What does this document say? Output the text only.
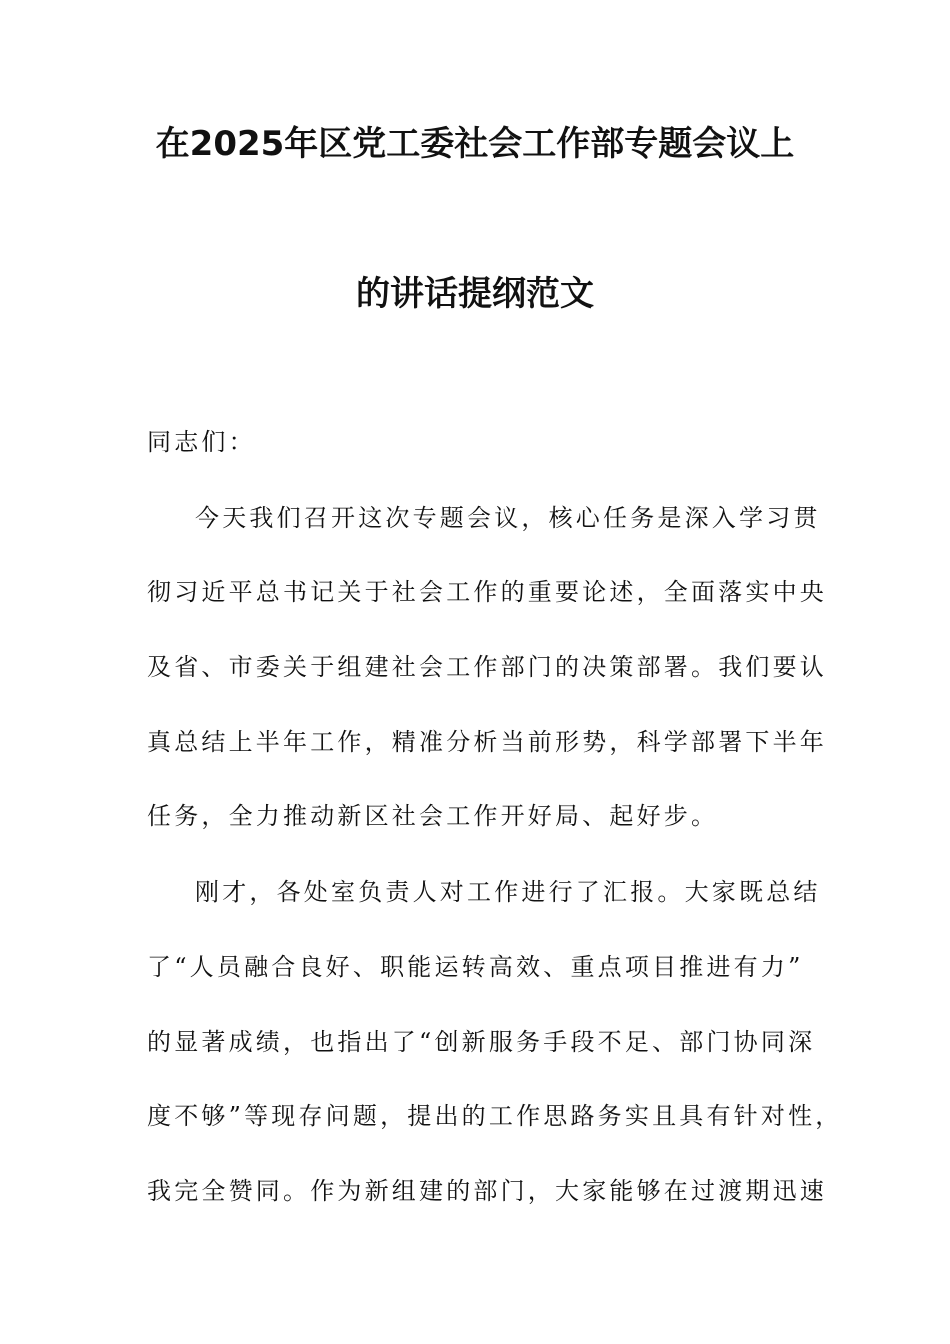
在2025年区党工委社会工作部专题会议上
的讲话提纲范文
同志们：
今天我们召开这次专题会议，核心任务是深入学习贯
彻习近平总书记关于社会工作的重要论述，全面落实中央
及省、市委关于组建社会工作部门的决策部署。我们要认
真总结上半年工作，精准分析当前形势，科学部署下半年
任务，全力推动新区社会工作开好局、起好步。
刚才，各处室负责人对工作进行了汇报。大家既总结
了“人员融合良好、职能运转高效、重点项目推进有力”
的显著成绩，也指出了“创新服务手段不足、部门协同深
度不够”等现存问题，提出的工作思路务实且具有针对性，
我完全赞同。作为新组建的部门，大家能够在过渡期迅速
